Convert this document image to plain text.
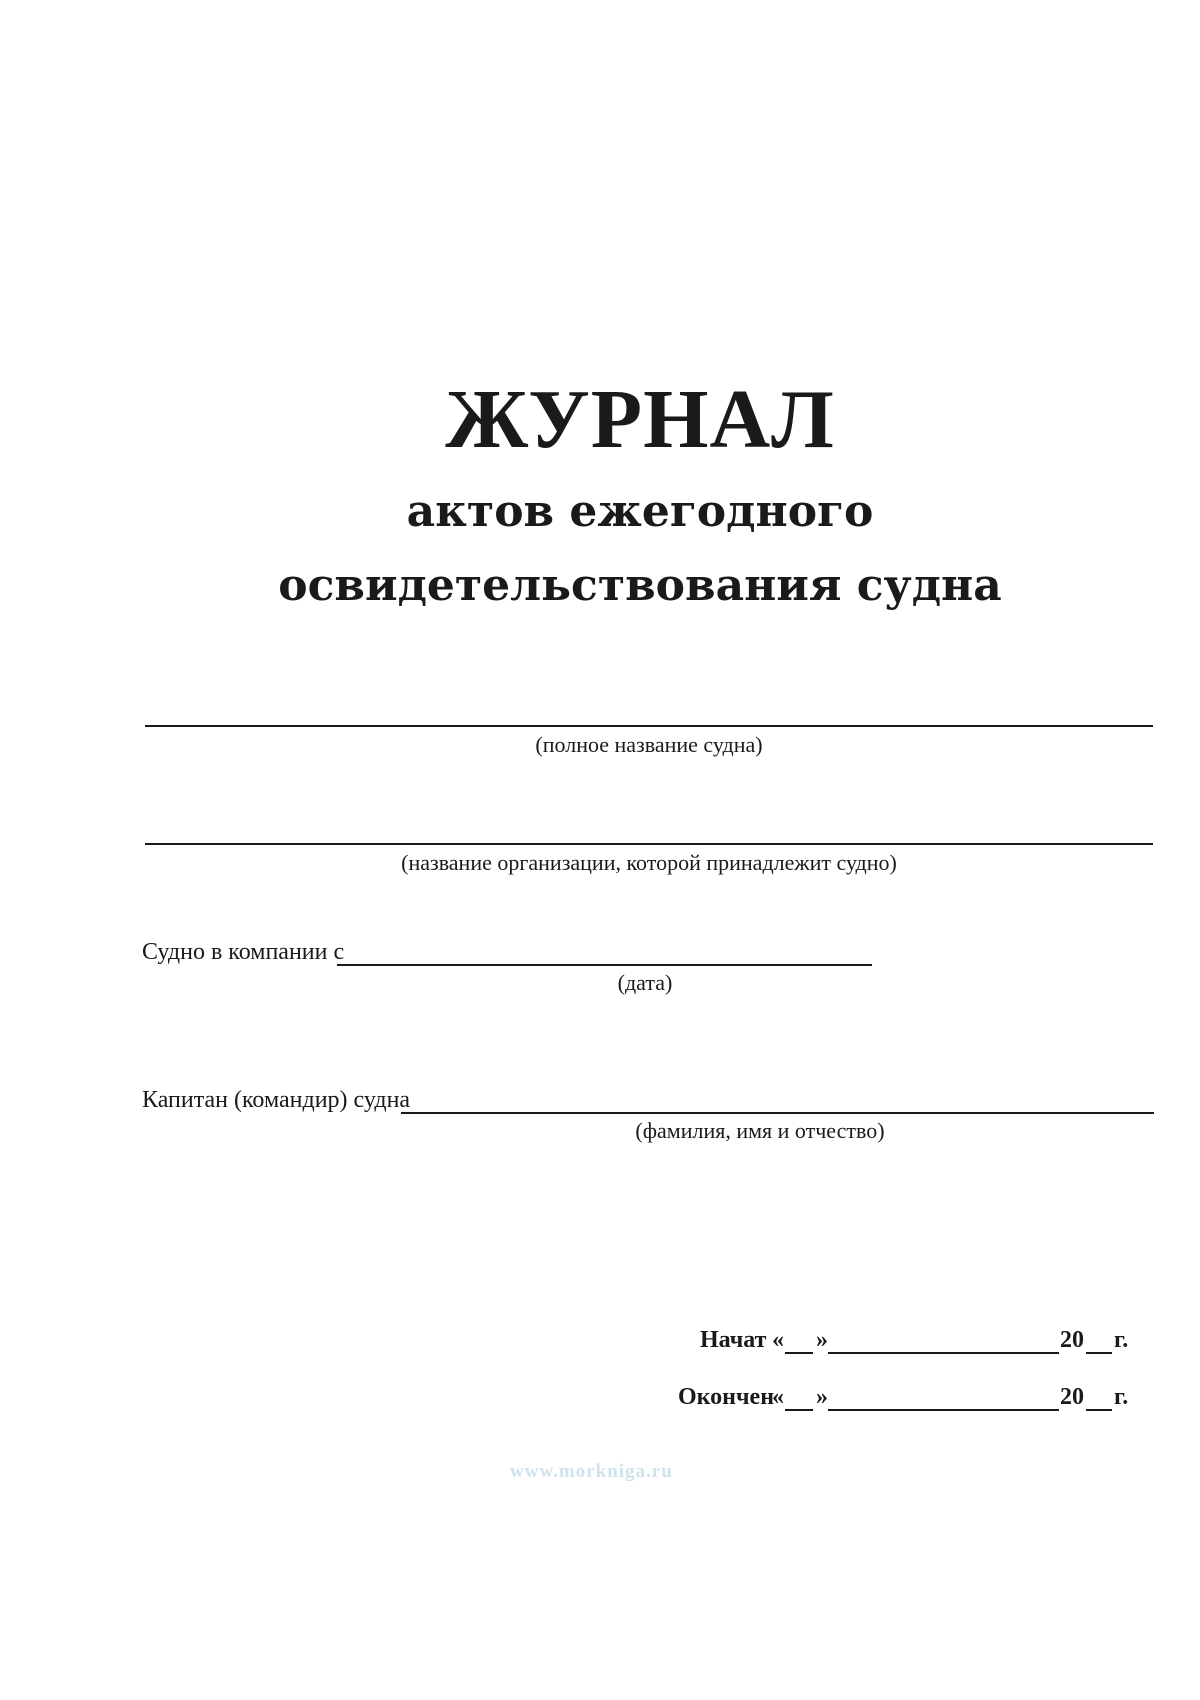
ЖУРНАЛ
актов ежегодного
освидетельствования судна
(полное название судна)
(название организации, которой принадлежит судно)
Судно в компании с
(дата)
Капитан (командир) судна
(фамилия, имя и отчество)
Начат « »	20 г.
Окончен
« »	20 г.
www.morkniga.ru
